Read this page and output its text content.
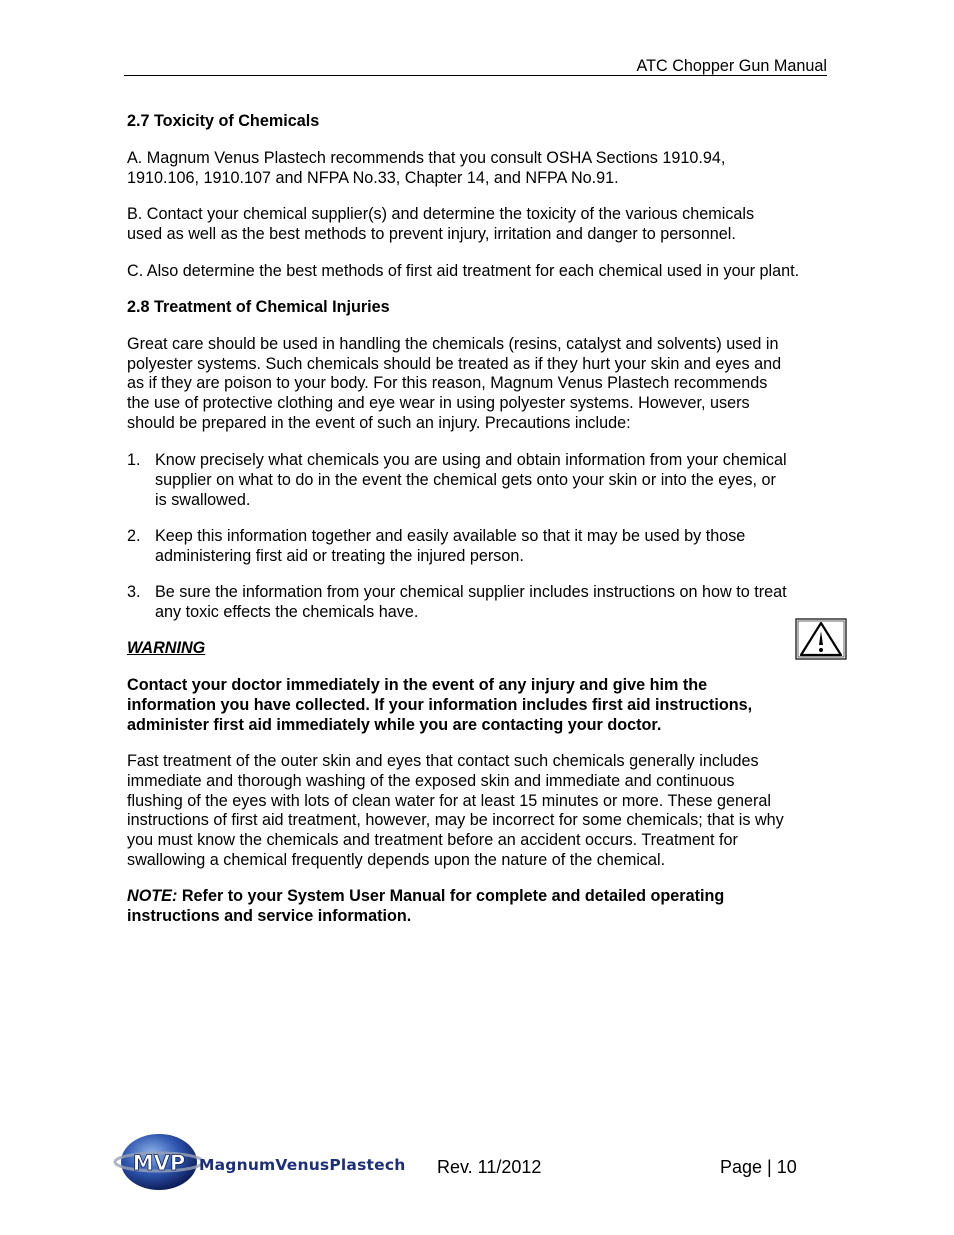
ATC Chopper Gun Manual
2.7 Toxicity of Chemicals
A. Magnum Venus Plastech recommends that you consult OSHA Sections 1910.94,
1910.106, 1910.107 and NFPA No.33, Chapter 14, and NFPA No.91.
B. Contact your chemical supplier(s) and determine the toxicity of the various chemicals
used as well as the best methods to prevent injury, irritation and danger to personnel.
C. Also determine the best methods of first aid treatment for each chemical used in your plant.
2.8 Treatment of Chemical Injuries
Great care should be used in handling the chemicals (resins, catalyst and solvents) used in
polyester systems. Such chemicals should be treated as if they hurt your skin and eyes and
as if they are poison to your body. For this reason, Magnum Venus Plastech recommends
the use of protective clothing and eye wear in using polyester systems. However, users
should be prepared in the event of such an injury. Precautions include:
1. Know precisely what chemicals you are using and obtain information from your chemical
supplier on what to do in the event the chemical gets onto your skin or into the eyes, or
is swallowed.
2. Keep this information together and easily available so that it may be used by those
administering first aid or treating the injured person.
3. Be sure the information from your chemical supplier includes instructions on how to treat
any toxic effects the chemicals have.
WARNING
Contact your doctor immediately in the event of any injury and give him the
information you have collected. If your information includes first aid instructions,
administer first aid immediately while you are contacting your doctor.
Fast treatment of the outer skin and eyes that contact such chemicals generally includes
immediate and thorough washing of the exposed skin and immediate and continuous
flushing of the eyes with lots of clean water for at least 15 minutes or more. These general
instructions of first aid treatment, however, may be incorrect for some chemicals; that is why
you must know the chemicals and treatment before an accident occurs. Treatment for
swallowing a chemical frequently depends upon the nature of the chemical.
NOTE: Refer to your System User Manual for complete and detailed operating
instructions and service information.
MVP MagnumVenusPlastech Rev. 11/2012	Page | 10
